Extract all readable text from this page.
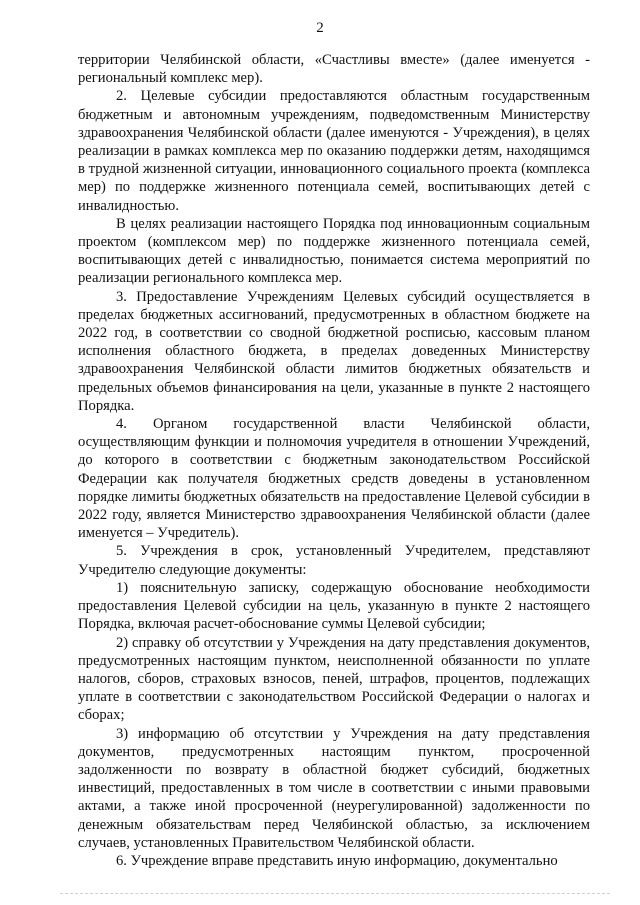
2

территории Челябинской области, «Счастливы вместе» (далее именуется - региональный комплекс мер).

2. Целевые субсидии предоставляются областным государственным бюджетным и автономным учреждениям, подведомственным Министерству здравоохранения Челябинской области (далее именуются - Учреждения), в целях реализации в рамках комплекса мер по оказанию поддержки детям, находящимся в трудной жизненной ситуации, инновационного социального проекта (комплекса мер) по поддержке жизненного потенциала семей, воспитывающих детей с инвалидностью.

В целях реализации настоящего Порядка под инновационным социальным проектом (комплексом мер) по поддержке жизненного потенциала семей, воспитывающих детей с инвалидностью, понимается система мероприятий по реализации регионального комплекса мер.

3. Предоставление Учреждениям Целевых субсидий осуществляется в пределах бюджетных ассигнований, предусмотренных в областном бюджете на 2022 год, в соответствии со сводной бюджетной росписью, кассовым планом исполнения областного бюджета, в пределах доведенных Министерству здравоохранения Челябинской области лимитов бюджетных обязательств и предельных объемов финансирования на цели, указанные в пункте 2 настоящего Порядка.

4. Органом государственной власти Челябинской области, осуществляющим функции и полномочия учредителя в отношении Учреждений, до которого в соответствии с бюджетным законодательством Российской Федерации как получателя бюджетных средств доведены в установленном порядке лимиты бюджетных обязательств на предоставление Целевой субсидии в 2022 году, является Министерство здравоохранения Челябинской области (далее именуется – Учредитель).

5. Учреждения в срок, установленный Учредителем, представляют Учредителю следующие документы:

1) пояснительную записку, содержащую обоснование необходимости предоставления Целевой субсидии на цель, указанную в пункте 2 настоящего Порядка, включая расчет-обоснование суммы Целевой субсидии;

2) справку об отсутствии у Учреждения на дату представления документов, предусмотренных настоящим пунктом, неисполненной обязанности по уплате налогов, сборов, страховых взносов, пеней, штрафов, процентов, подлежащих уплате в соответствии с законодательством Российской Федерации о налогах и сборах;

3) информацию об отсутствии у Учреждения на дату представления документов, предусмотренных настоящим пунктом, просроченной задолженности по возврату в областной бюджет субсидий, бюджетных инвестиций, предоставленных в том числе в соответствии с иными правовыми актами, а также иной просроченной (неурегулированной) задолженности по денежным обязательствам перед Челябинской областью, за исключением случаев, установленных Правительством Челябинской области.

6. Учреждение вправе представить иную информацию, документально
